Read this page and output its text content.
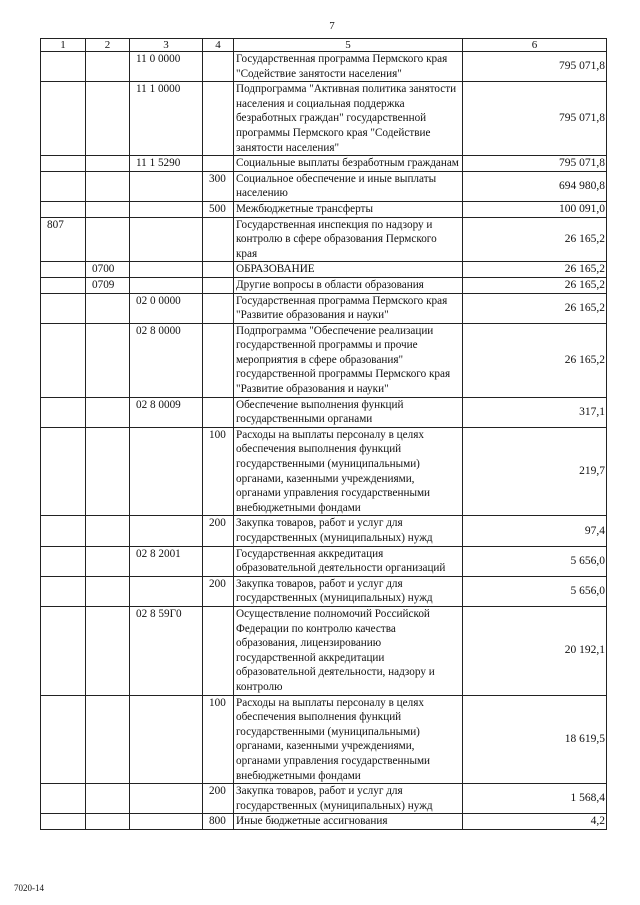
7
1	2	3	4	5	6
		11 0 0000		Государственная программа Пермского края "Содействие занятости населения"	795 071,8
		11 1 0000		Подпрограмма "Активная политика занятости населения и социальная поддержка безработных граждан" государственной программы Пермского края "Содействие занятости населения"	795 071,8
		11 1 5290		Социальные выплаты безработным гражданам	795 071,8
			300	Социальное обеспечение и иные выплаты населению	694 980,8
			500	Межбюджетные трансферты	100 091,0
807				Государственная инспекция по надзору и контролю в сфере образования Пермского края	26 165,2
	0700			ОБРАЗОВАНИЕ	26 165,2
	0709			Другие вопросы в области образования	26 165,2
		02 0 0000		Государственная программа Пермского края "Развитие образования и науки"	26 165,2
		02 8 0000		Подпрограмма "Обеспечение реализации государственной программы и прочие мероприятия в сфере образования" государственной программы Пермского края "Развитие образования и науки"	26 165,2
		02 8 0009		Обеспечение выполнения функций государственными органами	317,1
			100	Расходы на выплаты персоналу в целях обеспечения выполнения функций государственными (муниципальными) органами, казенными учреждениями, органами управления государственными внебюджетными фондами	219,7
			200	Закупка товаров, работ и услуг для государственных (муниципальных) нужд	97,4
		02 8 2001		Государственная аккредитация образовательной деятельности организаций	5 656,0
			200	Закупка товаров, работ и услуг для государственных (муниципальных) нужд	5 656,0
		02 8 59Г0		Осуществление полномочий Российской Федерации по контролю качества образования, лицензированию государственной аккредитации образовательной деятельности, надзору и контролю	20 192,1
			100	Расходы на выплаты персоналу в целях обеспечения выполнения функций государственными (муниципальными) органами, казенными учреждениями, органами управления государственными внебюджетными фондами	18 619,5
			200	Закупка товаров, работ и услуг для государственных (муниципальных) нужд	1 568,4
			800	Иные бюджетные ассигнования	4,2
7020-14
